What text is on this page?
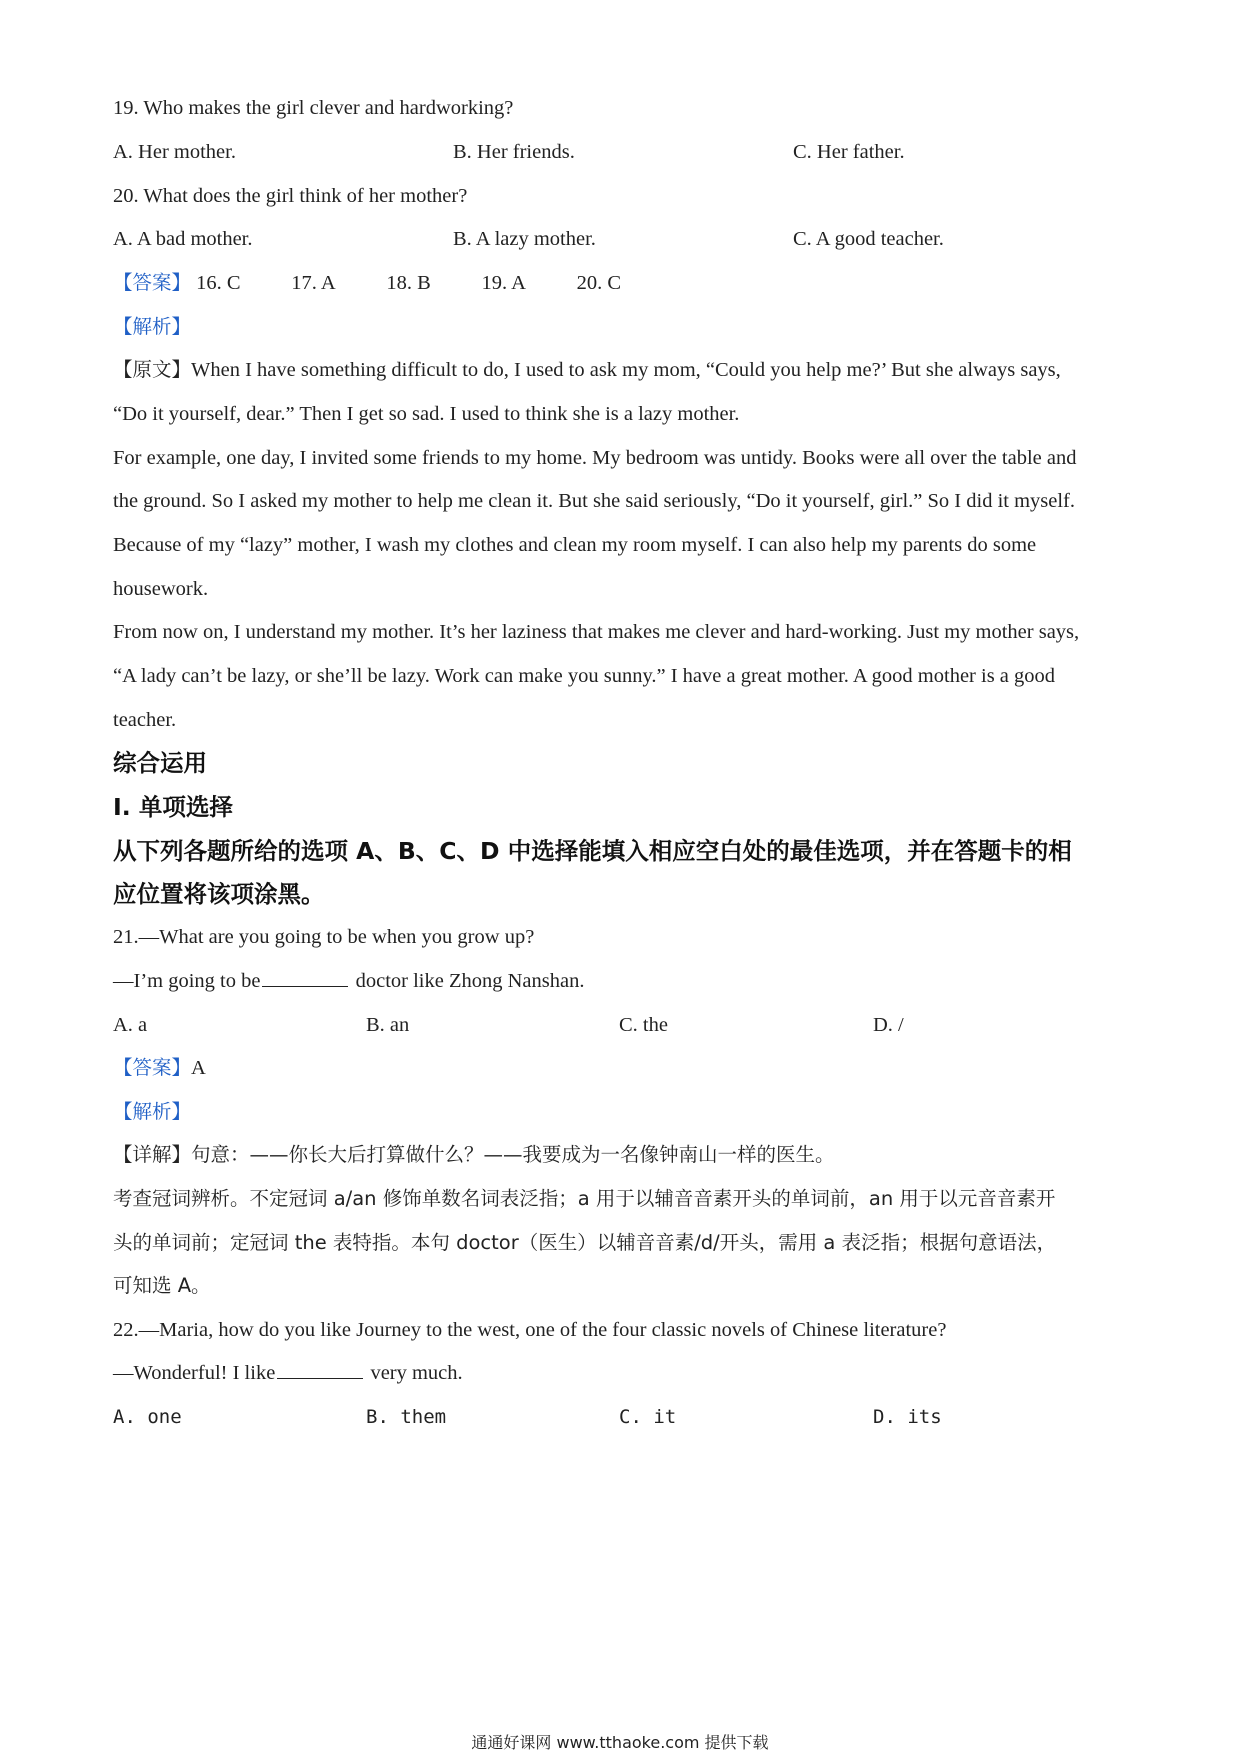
19. Who makes the girl clever and hardworking?
A. Her mother.	B. Her friends.	C. Her father.
20. What does the girl think of her mother?
A. A bad mother.	B. A lazy mother.	C. A good teacher.
【答案】 16. C 17. A 18. B 19. A 20. C
【解析】
【原文】When I have something difficult to do, I used to ask my mom, “Could you help me?’ But she always says,
“Do it yourself, dear.” Then I get so sad. I used to think she is a lazy mother.
For example, one day, I invited some friends to my home. My bedroom was untidy. Books were all over the table and
the ground. So I asked my mother to help me clean it. But she said seriously, “Do it yourself, girl.” So I did it myself.
Because of my “lazy” mother, I wash my clothes and clean my room myself. I can also help my parents do some
housework.
From now on, I understand my mother. It’s her laziness that makes me clever and hard-working. Just my mother says,
“A lady can’t be lazy, or she’ll be lazy. Work can make you sunny.” I have a great mother. A good mother is a good
teacher.
综合运用
Ⅰ. 单项选择
从下列各题所给的选项 A、B、C、D 中选择能填入相应空白处的最佳选项，并在答题卡的相
应位置将该项涂黑。
21.—What are you going to be when you grow up?
—I’m going to be	doctor like Zhong Nanshan.
A. a	B. an	C. the	D. /
【答案】A
【解析】
【详解】句意：——你长大后打算做什么？——我要成为一名像钟南山一样的医生。
考查冠词辨析。不定冠词 a/an 修饰单数名词表泛指；a 用于以辅音音素开头的单词前，an 用于以元音音素开
头的单词前；定冠词 the 表特指。本句 doctor（医生）以辅音音素/d/开头，需用 a 表泛指；根据句意语法，
可知选 A。
22.—Maria, how do you like Journey to the west, one of the four classic novels of Chinese literature?
—Wonderful! I like	very much.
A. one	B. them	C. it	D. its
通通好课网 www.tthaoke.com 提供下载
